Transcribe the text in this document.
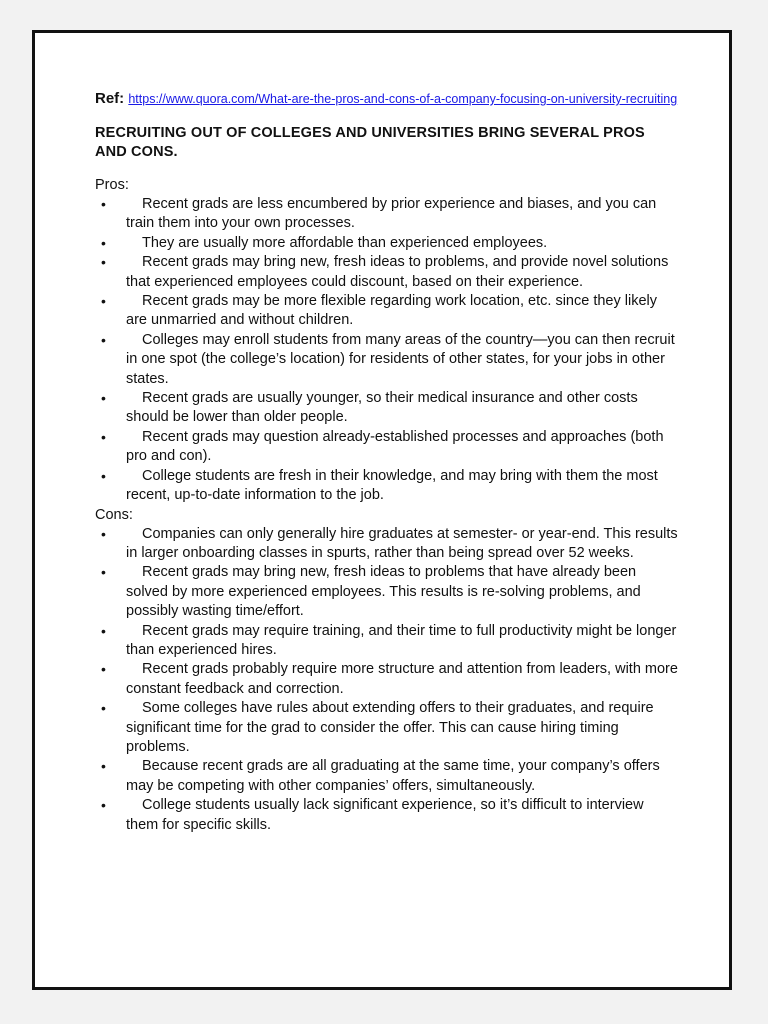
Ref: https://www.quora.com/What-are-the-pros-and-cons-of-a-company-focusing-on-university-recruiting
RECRUITING OUT OF COLLEGES AND UNIVERSITIES BRING SEVERAL PROS AND CONS.
Pros:
• Recent grads are less encumbered by prior experience and biases, and you can train them into your own processes.
• They are usually more affordable than experienced employees.
• Recent grads may bring new, fresh ideas to problems, and provide novel solutions that experienced employees could discount, based on their experience.
• Recent grads may be more flexible regarding work location, etc. since they likely are unmarried and without children.
• Colleges may enroll students from many areas of the country—you can then recruit in one spot (the college’s location) for residents of other states, for your jobs in other states.
• Recent grads are usually younger, so their medical insurance and other costs should be lower than older people.
• Recent grads may question already-established processes and approaches (both pro and con).
• College students are fresh in their knowledge, and may bring with them the most recent, up-to-date information to the job.
Cons:
• Companies can only generally hire graduates at semester- or year-end. This results in larger onboarding classes in spurts, rather than being spread over 52 weeks.
• Recent grads may bring new, fresh ideas to problems that have already been solved by more experienced employees. This results is re-solving problems, and possibly wasting time/effort.
• Recent grads may require training, and their time to full productivity might be longer than experienced hires.
• Recent grads probably require more structure and attention from leaders, with more constant feedback and correction.
• Some colleges have rules about extending offers to their graduates, and require significant time for the grad to consider the offer. This can cause hiring timing problems.
• Because recent grads are all graduating at the same time, your company’s offers may be competing with other companies’ offers, simultaneously.
• College students usually lack significant experience, so it’s difficult to interview them for specific skills.
